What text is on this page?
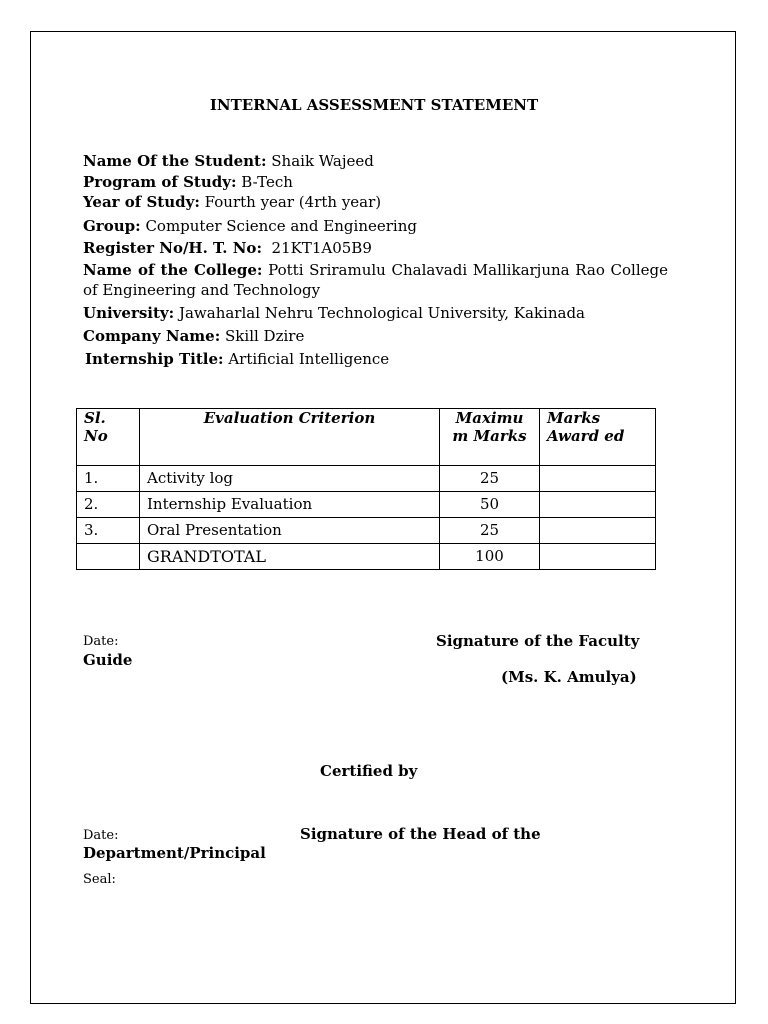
INTERNAL ASSESSMENT STATEMENT
Name Of the Student: Shaik Wajeed
Program of Study: B-Tech
Year of Study: Fourth year (4rth year)
Group: Computer Science and Engineering
Register No/H. T. No:  21KT1A05B9
Name of the College: Potti Sriramulu Chalavadi Mallikarjuna Rao College of Engineering and Technology
University: Jawaharlal Nehru Technological University, Kakinada
Company Name: Skill Dzire
Internship Title: Artificial Intelligence
Sl. No	Evaluation Criterion	Maximu m Marks	Marks Award ed
1.	Activity log	25	
2.	Internship Evaluation	50	
3.	Oral Presentation	25	
	GRANDTOTAL	100	
Date:	Signature of the Faculty
Guide
(Ms. K. Amulya)
Certified by
Date:	Signature of the Head of the
Department/Principal
Seal:
